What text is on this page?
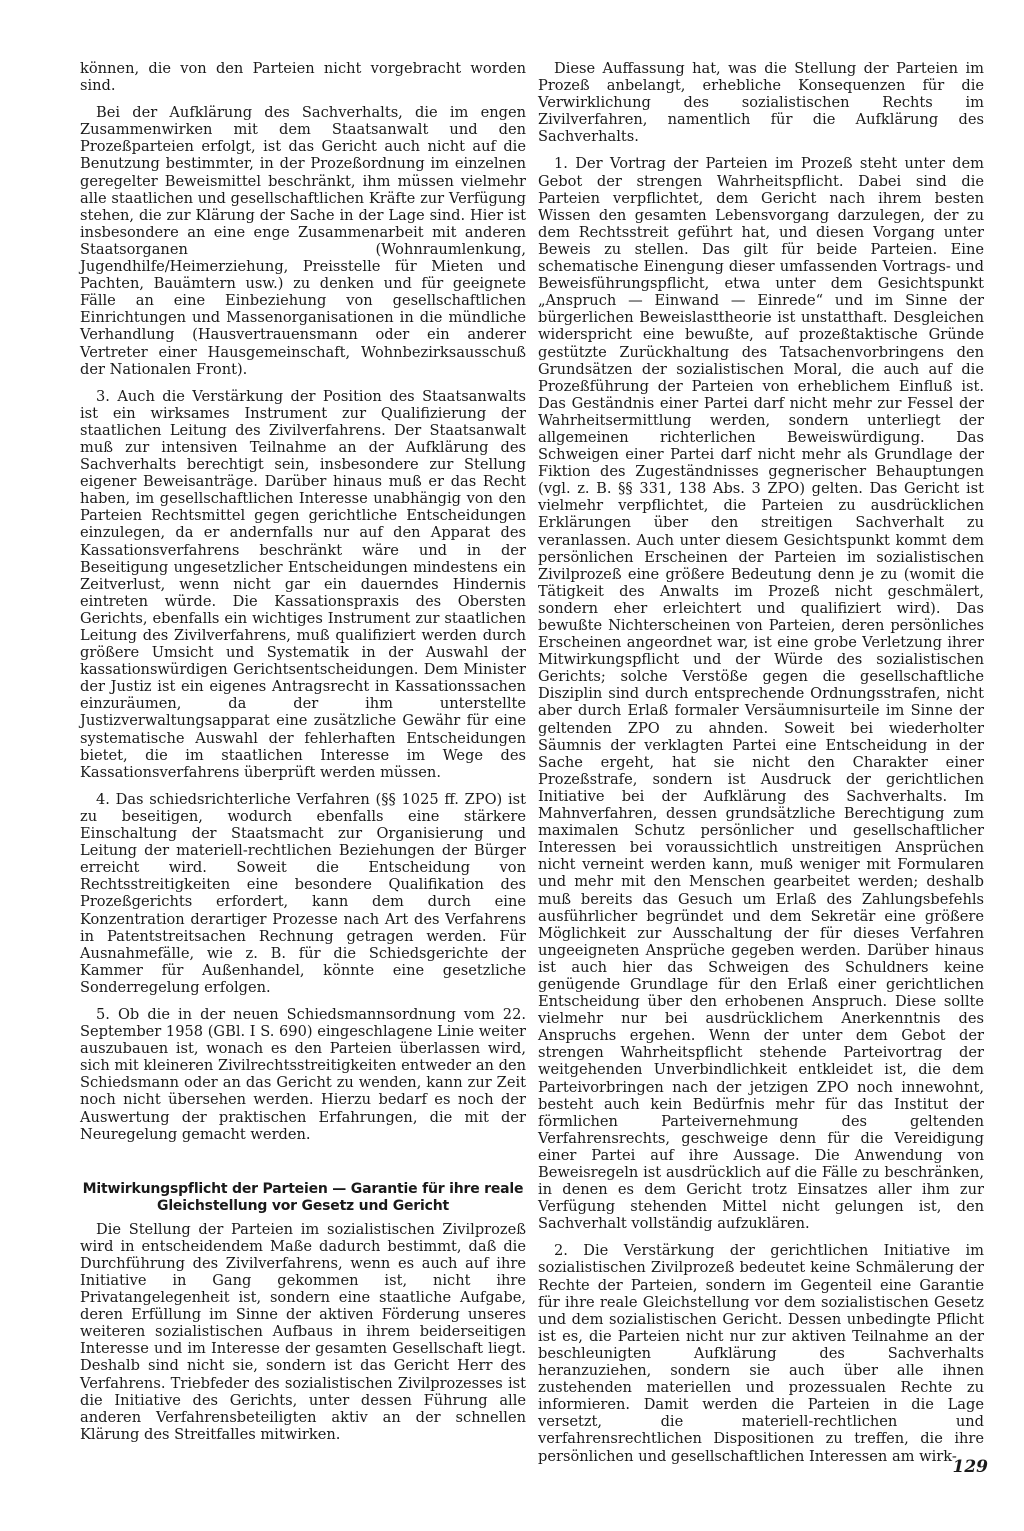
können, die von den Parteien nicht vorgebracht worden sind.

Bei der Aufklärung des Sachverhalts, die im engen Zusammenwirken mit dem Staatsanwalt und den Prozeßparteien erfolgt, ist das Gericht auch nicht auf die Benutzung bestimmter, in der Prozeßordnung im einzelnen geregelter Beweismittel beschränkt, ihm müssen vielmehr alle staatlichen und gesellschaftlichen Kräfte zur Verfügung stehen, die zur Klärung der Sache in der Lage sind. Hier ist insbesondere an eine enge Zusammenarbeit mit anderen Staatsorganen (Wohnraumlenkung, Jugendhilfe/Heimerziehung, Preisstelle für Mieten und Pachten, Bauämtern usw.) zu denken und für geeignete Fälle an eine Einbeziehung von gesellschaftlichen Einrichtungen und Massenorganisationen in die mündliche Verhandlung (Hausvertrauensmann oder ein anderer Vertreter einer Hausgemeinschaft, Wohnbezirksausschuß der Nationalen Front).

3. Auch die Verstärkung der Position des Staatsanwalts ist ein wirksames Instrument zur Qualifizierung der staatlichen Leitung des Zivilverfahrens. Der Staatsanwalt muß zur intensiven Teilnahme an der Aufklärung des Sachverhalts berechtigt sein, insbesondere zur Stellung eigener Beweisanträge. Darüber hinaus muß er das Recht haben, im gesellschaftlichen Interesse unabhängig von den Parteien Rechtsmittel gegen gerichtliche Entscheidungen einzulegen, da er andernfalls nur auf den Apparat des Kassationsverfahrens beschränkt wäre und in der Beseitigung ungesetzlicher Entscheidungen mindestens ein Zeitverlust, wenn nicht gar ein dauerndes Hindernis eintreten würde. Die Kassationspraxis des Obersten Gerichts, ebenfalls ein wichtiges Instrument zur staatlichen Leitung des Zivilverfahrens, muß qualifiziert werden durch größere Umsicht und Systematik in der Auswahl der kassationswürdigen Gerichtsentscheidungen. Dem Minister der Justiz ist ein eigenes Antragsrecht in Kassationssachen einzuräumen, da der ihm unterstellte Justizverwaltungsapparat eine zusätzliche Gewähr für eine systematische Auswahl der fehlerhaften Entscheidungen bietet, die im staatlichen Interesse im Wege des Kassationsverfahrens überprüft werden müssen.

4. Das schiedsrichterliche Verfahren (§§ 1025 ff. ZPO) ist zu beseitigen, wodurch ebenfalls eine stärkere Einschaltung der Staatsmacht zur Organisierung und Leitung der materiell-rechtlichen Beziehungen der Bürger erreicht wird. Soweit die Entscheidung von Rechtsstreitigkeiten eine besondere Qualifikation des Prozeßgerichts erfordert, kann dem durch eine Konzentration derartiger Prozesse nach Art des Verfahrens in Patentstreitsachen Rechnung getragen werden. Für Ausnahmefälle, wie z. B. für die Schiedsgerichte der Kammer für Außenhandel, könnte eine gesetzliche Sonderregelung erfolgen.

5. Ob die in der neuen Schiedsmannsordnung vom 22. September 1958 (GBl. I S. 690) eingeschlagene Linie weiter auszubauen ist, wonach es den Parteien überlassen wird, sich mit kleineren Zivilrechtsstreitigkeiten entweder an den Schiedsmann oder an das Gericht zu wenden, kann zur Zeit noch nicht übersehen werden. Hierzu bedarf es noch der Auswertung der praktischen Erfahrungen, die mit der Neuregelung gemacht werden.

Mitwirkungspflicht der Parteien — Garantie für ihre reale Gleichstellung vor Gesetz und Gericht

Die Stellung der Parteien im sozialistischen Zivilprozeß wird in entscheidendem Maße dadurch bestimmt, daß die Durchführung des Zivilverfahrens, wenn es auch auf ihre Initiative in Gang gekommen ist, nicht ihre Privatangelegenheit ist, sondern eine staatliche Aufgabe, deren Erfüllung im Sinne der aktiven Förderung unseres weiteren sozialistischen Aufbaus in ihrem beiderseitigen Interesse und im Interesse der gesamten Gesellschaft liegt. Deshalb sind nicht sie, sondern ist das Gericht Herr des Verfahrens. Triebfeder des sozialistischen Zivilprozesses ist die Initiative des Gerichts, unter dessen Führung alle anderen Verfahrensbeteiligten aktiv an der schnellen Klärung des Streitfalles mitwirken.

Diese Auffassung hat, was die Stellung der Parteien im Prozeß anbelangt, erhebliche Konsequenzen für die Verwirklichung des sozialistischen Rechts im Zivilverfahren, namentlich für die Aufklärung des Sachverhalts.

1. Der Vortrag der Parteien im Prozeß steht unter dem Gebot der strengen Wahrheitspflicht. Dabei sind die Parteien verpflichtet, dem Gericht nach ihrem besten Wissen den gesamten Lebensvorgang darzulegen, der zu dem Rechtsstreit geführt hat, und diesen Vorgang unter Beweis zu stellen. Das gilt für beide Parteien. Eine schematische Einengung dieser umfassenden Vortrags- und Beweisführungspflicht, etwa unter dem Gesichtspunkt „Anspruch — Einwand — Einrede“ und im Sinne der bürgerlichen Beweislasttheorie ist unstatthaft. Desgleichen widerspricht eine bewußte, auf prozeßtaktische Gründe gestützte Zurückhaltung des Tatsachenvorbringens den Grundsätzen der sozialistischen Moral, die auch auf die Prozeßführung der Parteien von erheblichem Einfluß ist. Das Geständnis einer Partei darf nicht mehr zur Fessel der Wahrheitsermittlung werden, sondern unterliegt der allgemeinen richterlichen Beweiswürdigung. Das Schweigen einer Partei darf nicht mehr als Grundlage der Fiktion des Zugeständnisses gegnerischer Behauptungen (vgl. z. B. §§ 331, 138 Abs. 3 ZPO) gelten. Das Gericht ist vielmehr verpflichtet, die Parteien zu ausdrücklichen Erklärungen über den streitigen Sachverhalt zu veranlassen. Auch unter diesem Gesichtspunkt kommt dem persönlichen Erscheinen der Parteien im sozialistischen Zivilprozeß eine größere Bedeutung denn je zu (womit die Tätigkeit des Anwalts im Prozeß nicht geschmälert, sondern eher erleichtert und qualifiziert wird). Das bewußte Nichterscheinen von Parteien, deren persönliches Erscheinen angeordnet war, ist eine grobe Verletzung ihrer Mitwirkungspflicht und der Würde des sozialistischen Gerichts; solche Verstöße gegen die gesellschaftliche Disziplin sind durch entsprechende Ordnungsstrafen, nicht aber durch Erlaß formaler Versäumnisurteile im Sinne der geltenden ZPO zu ahnden. Soweit bei wiederholter Säumnis der verklagten Partei eine Entscheidung in der Sache ergeht, hat sie nicht den Charakter einer Prozeßstrafe, sondern ist Ausdruck der gerichtlichen Initiative bei der Aufklärung des Sachverhalts. Im Mahnverfahren, dessen grundsätzliche Berechtigung zum maximalen Schutz persönlicher und gesellschaftlicher Interessen bei voraussichtlich unstreitigen Ansprüchen nicht verneint werden kann, muß weniger mit Formularen und mehr mit den Menschen gearbeitet werden; deshalb muß bereits das Gesuch um Erlaß des Zahlungsbefehls ausführlicher begründet und dem Sekretär eine größere Möglichkeit zur Ausschaltung der für dieses Verfahren ungeeigneten Ansprüche gegeben werden. Darüber hinaus ist auch hier das Schweigen des Schuldners keine genügende Grundlage für den Erlaß einer gerichtlichen Entscheidung über den erhobenen Anspruch. Diese sollte vielmehr nur bei ausdrücklichem Anerkenntnis des Anspruchs ergehen. Wenn der unter dem Gebot der strengen Wahrheitspflicht stehende Parteivortrag der weitgehenden Unverbindlichkeit entkleidet ist, die dem Parteivorbringen nach der jetzigen ZPO noch innewohnt, besteht auch kein Bedürfnis mehr für das Institut der förmlichen Parteivernehmung des geltenden Verfahrensrechts, geschweige denn für die Vereidigung einer Partei auf ihre Aussage. Die Anwendung von Beweisregeln ist ausdrücklich auf die Fälle zu beschränken, in denen es dem Gericht trotz Einsatzes aller ihm zur Verfügung stehenden Mittel nicht gelungen ist, den Sachverhalt vollständig aufzuklären.

2. Die Verstärkung der gerichtlichen Initiative im sozialistischen Zivilprozeß bedeutet keine Schmälerung der Rechte der Parteien, sondern im Gegenteil eine Garantie für ihre reale Gleichstellung vor dem sozialistischen Gesetz und dem sozialistischen Gericht. Dessen unbedingte Pflicht ist es, die Parteien nicht nur zur aktiven Teilnahme an der beschleunigten Aufklärung des Sachverhalts heranzuziehen, sondern sie auch über alle ihnen zustehenden materiellen und prozessualen Rechte zu informieren. Damit werden die Parteien in die Lage versetzt, die materiell-rechtlichen und verfahrensrechtlichen Dispositionen zu treffen, die ihre persönlichen und gesellschaftlichen Interessen am wirk-

129
